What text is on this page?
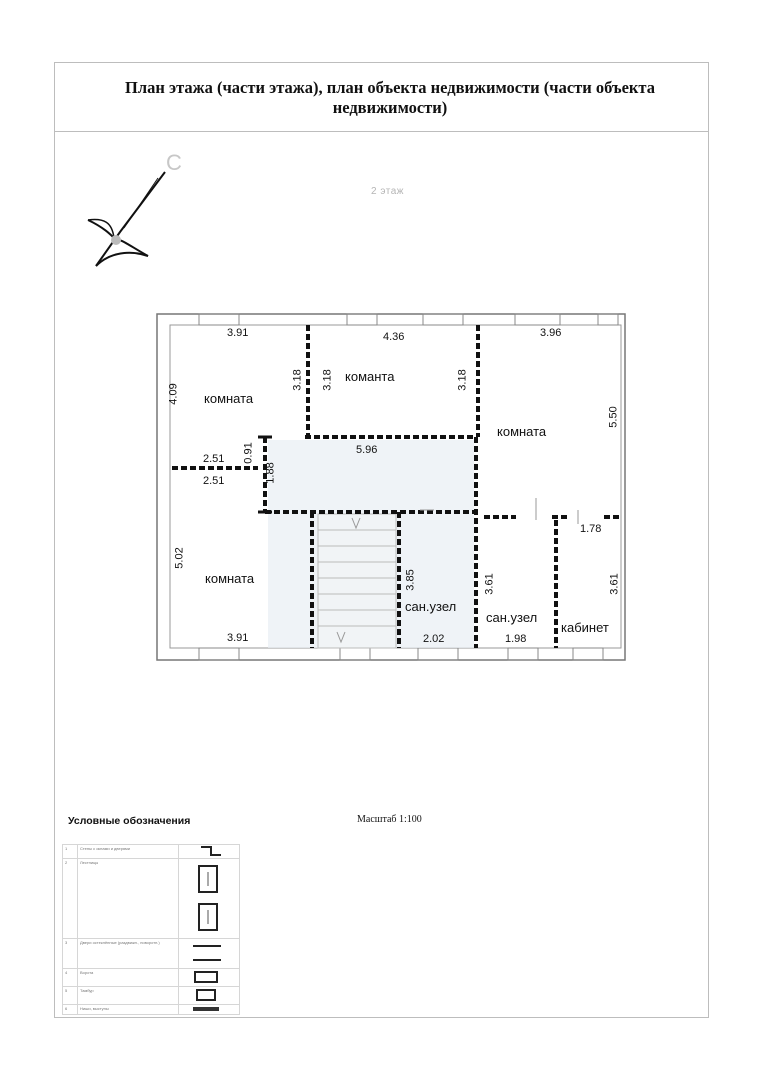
План этажа (части этажа), план объекта недвижимости (части объекта недвижимости)
С
2 этаж
комната
команта
комната
комната
сан.узел
сан.узел
кабинет
3.91	4.36	3.96
5.96
2.51
2.51
1.78
3.91	2.02	1.98
4.09
3.18 3.18	3.18
5.50
0.91
1.88
5.02
3.85	3.61	3.61
Масштаб 1:100
Условные обозначения
1	Стены с окнами и дверями	
2	Лестницы	
3	Двери остеклённые (раздвижн., поворотн.)	
4	Ворота	
5	Тамбур	
6	Ниши, выступы	
